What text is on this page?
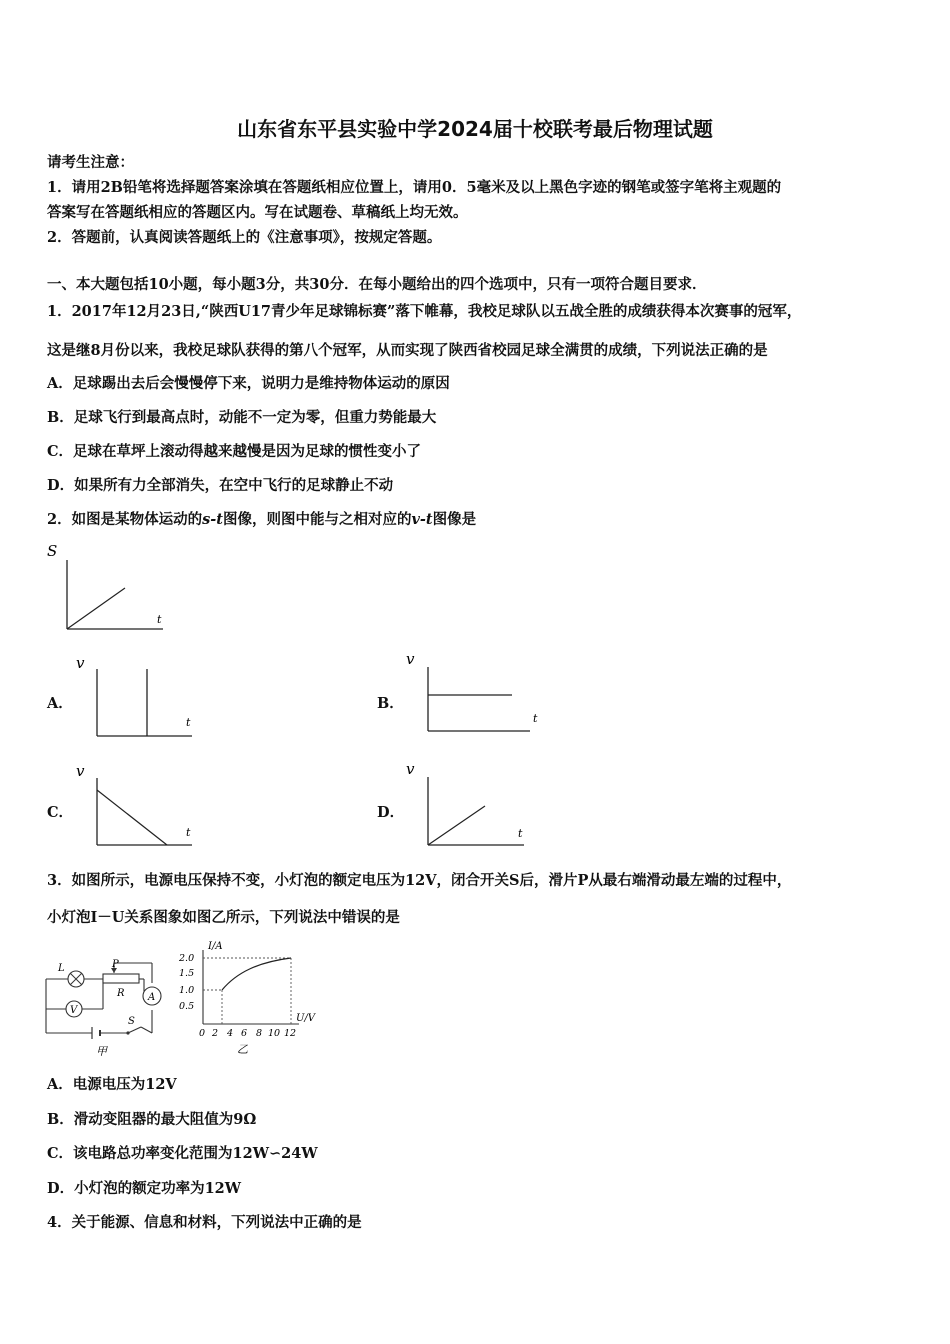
山东省东平县实验中学2024届十校联考最后物理试题
请考生注意：
1．请用2B铅笔将选择题答案涂填在答题纸相应位置上，请用0．5毫米及以上黑色字迹的钢笔或签字笔将主观题的
答案写在答题纸相应的答题区内。写在试题卷、草稿纸上均无效。
2．答题前，认真阅读答题纸上的《注意事项》，按规定答题。
一、本大题包括10小题，每小题3分，共30分．在每小题给出的四个选项中，只有一项符合题目要求．
1．2017年12月23日,“陕西U17青少年足球锦标赛”落下帷幕，我校足球队以五战全胜的成绩获得本次赛事的冠军，
这是继8月份以来，我校足球队获得的第八个冠军，从而实现了陕西省校园足球全满贯的成绩，下列说法正确的是
A．足球踢出去后会慢慢停下来，说明力是维持物体运动的原因
B．足球飞行到最高点时，动能不一定为零，但重力势能最大
C．足球在草坪上滚动得越来越慢是因为足球的惯性变小了
D．如果所有力全部消失，在空中飞行的足球静止不动
2．如图是某物体运动的s-t图像，则图中能与之相对应的v-t图像是
S
t
A．
v
t
B．
v
t
C．
v
t
D．
v
t
3．如图所示，电源电压保持不变，小灯泡的额定电压为12V，闭合开关S后，滑片P从最右端滑动最左端的过程中，
小灯泡I－U关系图象如图乙所示，下列说法中错误的是
L	P
R A
V
S
甲
I/A
U/V
2.0
1.5
1.0
0.5
0 2 4 6 8 10 12
乙
A．电源电压为12V
B．滑动变阻器的最大阻值为9Ω
C．该电路总功率变化范围为12W∽24W
D．小灯泡的额定功率为12W
4．关于能源、信息和材料，下列说法中正确的是
